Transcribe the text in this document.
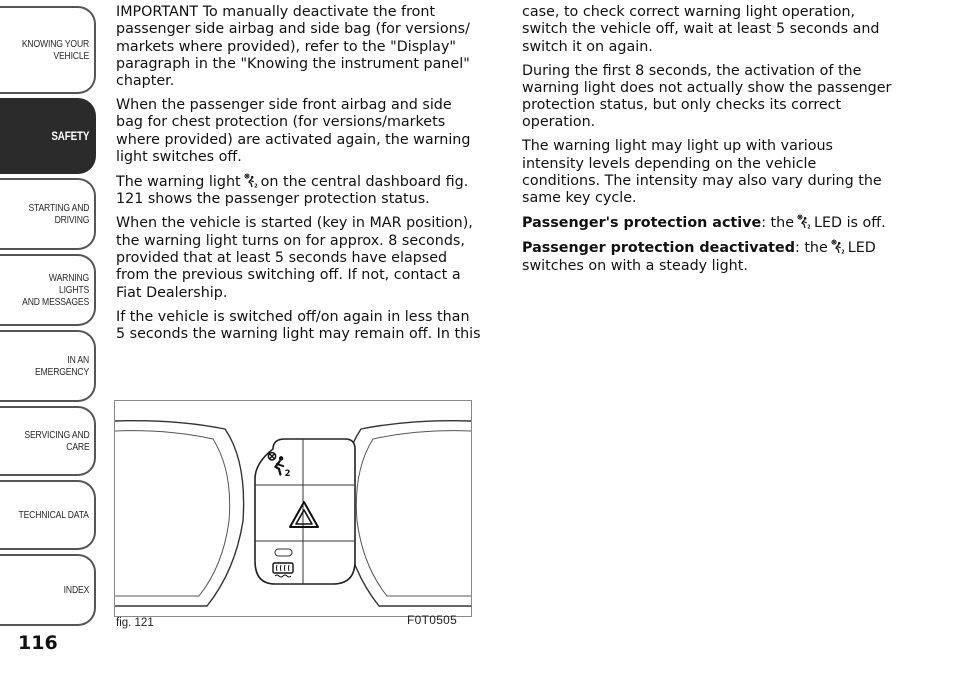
KNOWING YOUR
VEHICLE
SAFETY
STARTING AND
DRIVING
WARNING LIGHTS
AND MESSAGES
IN AN EMERGENCY
SERVICING AND
CARE
TECHNICAL DATA
INDEX
116

IMPORTANT To manually deactivate the front passenger side airbag and side bag (for versions/ markets where provided), refer to the "Display" paragraph in the "Knowing the instrument panel" chapter.

When the passenger side front airbag and side bag for chest protection (for versions/markets where provided) are activated again, the warning light switches off.

The warning light on the central dashboard fig. 121 shows the passenger protection status.

When the vehicle is started (key in MAR position), the warning light turns on for approx. 8 seconds, provided that at least 5 seconds have elapsed from the previous switching off. If not, contact a Fiat Dealership.

If the vehicle is switched off/on again in less than 5 seconds the warning light may remain off. In this

case, to check correct warning light operation, switch the vehicle off, wait at least 5 seconds and switch it on again.

During the first 8 seconds, the activation of the warning light does not actually show the passenger protection status, but only checks its correct operation.

The warning light may light up with various intensity levels depending on the vehicle conditions. The intensity may also vary during the same key cycle.

Passenger's protection active: the LED is off.

Passenger protection deactivated: the LED switches on with a steady light.

fig. 121	F0T0505
